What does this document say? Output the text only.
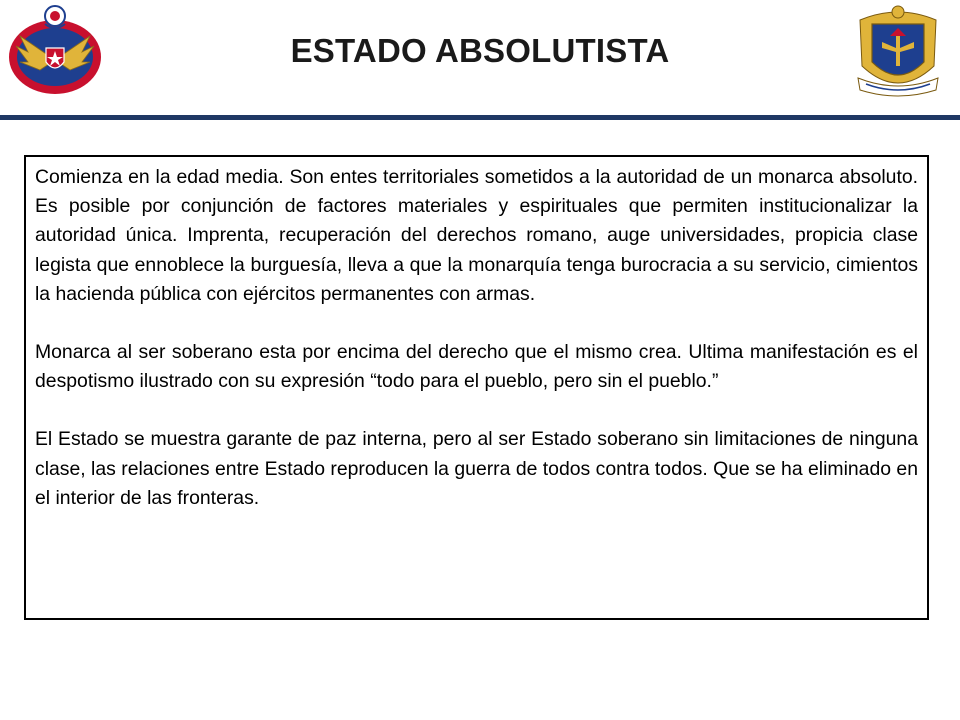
ESTADO ABSOLUTISTA

Comienza en la edad media. Son entes territoriales sometidos a la autoridad de un monarca absoluto. Es posible por conjunción de factores materiales y espirituales que permiten institucionalizar la autoridad única. Imprenta, recuperación del derechos romano, auge universidades, propicia clase legista que ennoblece la burguesía, lleva a que la monarquía tenga burocracia a su servicio, cimientos la hacienda pública con ejércitos permanentes con armas.

Monarca al ser soberano esta por encima del derecho que el mismo crea. Ultima manifestación es el despotismo ilustrado con su expresión “todo para el pueblo, pero sin el pueblo.”

El Estado se muestra garante de paz interna, pero al ser Estado soberano sin limitaciones de ninguna clase, las relaciones entre Estado reproducen la guerra de todos contra todos. Que se ha eliminado en el interior de las fronteras.
